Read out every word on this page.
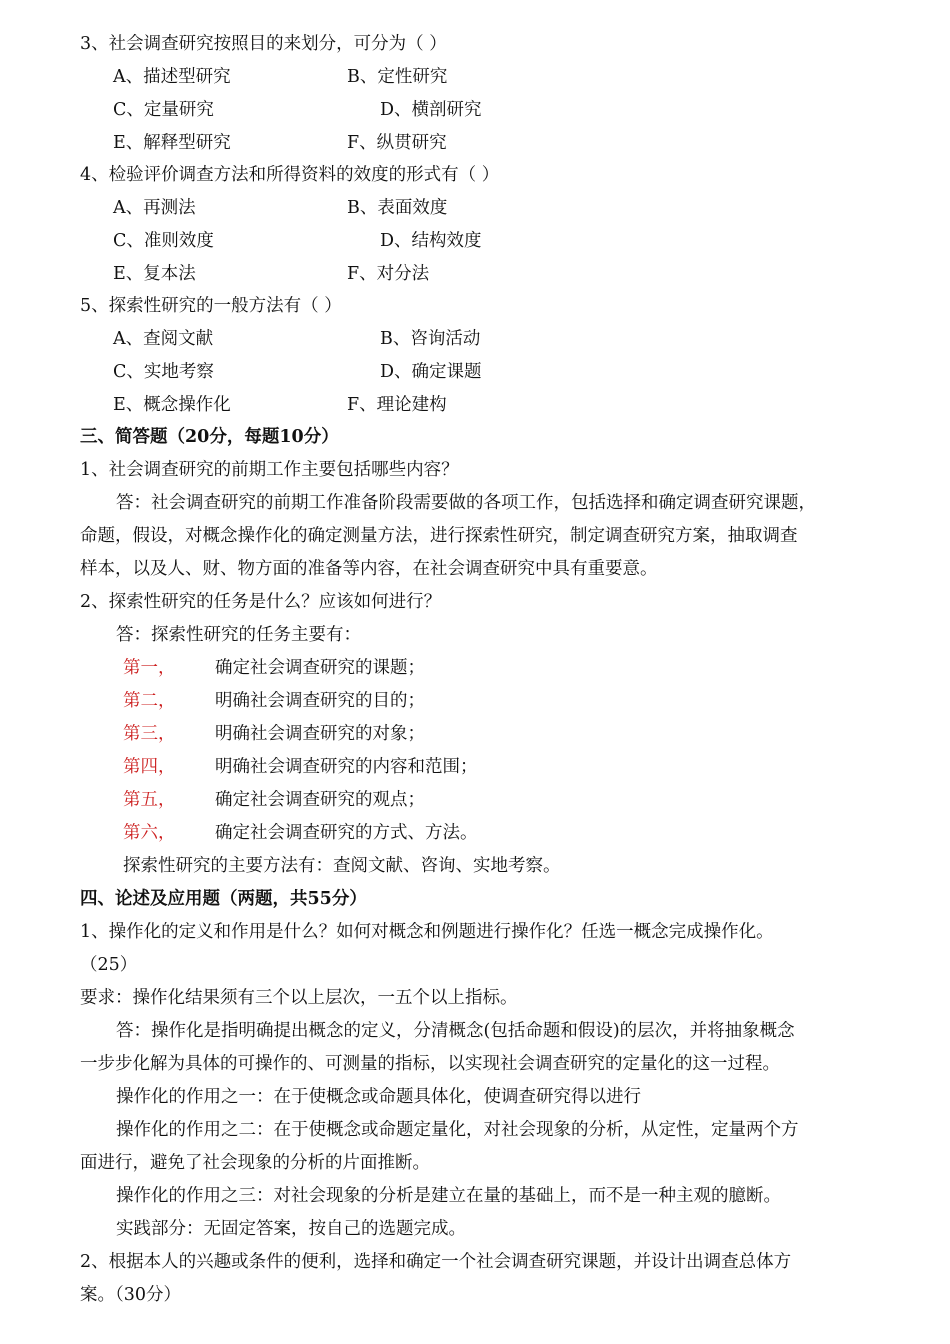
3、社会调查研究按照目的来划分，可分为（ ）
A、描述型研究	B、定性研究
C、定量研究	D、横剖研究
E、解释型研究	F、纵贯研究
4、检验评价调查方法和所得资料的效度的形式有（ ）
A、再测法	B、表面效度
C、准则效度	D、结构效度
E、复本法	F、对分法
5、探索性研究的一般方法有（ ）
A、查阅文献	B、咨询活动
C、实地考察	D、确定课题
E、概念操作化	F、理论建构
三、简答题（20分，每题10分）
1、社会调查研究的前期工作主要包括哪些内容？
答：社会调查研究的前期工作准备阶段需要做的各项工作，包括选择和确定调查研究课题，
命题，假设，对概念操作化的确定测量方法，进行探索性研究，制定调查研究方案，抽取调查
样本，以及人、财、物方面的准备等内容，在社会调查研究中具有重要意。
2、探索性研究的任务是什么？应该如何进行？
答：探索性研究的任务主要有：
第一， 确定社会调查研究的课题；
第二， 明确社会调查研究的目的；
第三， 明确社会调查研究的对象；
第四， 明确社会调查研究的内容和范围；
第五， 确定社会调查研究的观点；
第六， 确定社会调查研究的方式、方法。
探索性研究的主要方法有：查阅文献、咨询、实地考察。
四、论述及应用题（两题，共55分）
1、操作化的定义和作用是什么？如何对概念和例题进行操作化？任选一概念完成操作化。
（25）
要求：操作化结果须有三个以上层次，一五个以上指标。
答：操作化是指明确提出概念的定义，分清概念(包括命题和假设)的层次，并将抽象概念
一步步化解为具体的可操作的、可测量的指标，以实现社会调查研究的定量化的这一过程。
操作化的作用之一：在于使概念或命题具体化，使调查研究得以进行
操作化的作用之二：在于使概念或命题定量化，对社会现象的分析，从定性，定量两个方
面进行，避免了社会现象的分析的片面推断。
操作化的作用之三：对社会现象的分析是建立在量的基础上，而不是一种主观的臆断。
实践部分：无固定答案，按自己的选题完成。
2、根据本人的兴趣或条件的便利，选择和确定一个社会调查研究课题，并设计出调查总体方
案。（30分）
